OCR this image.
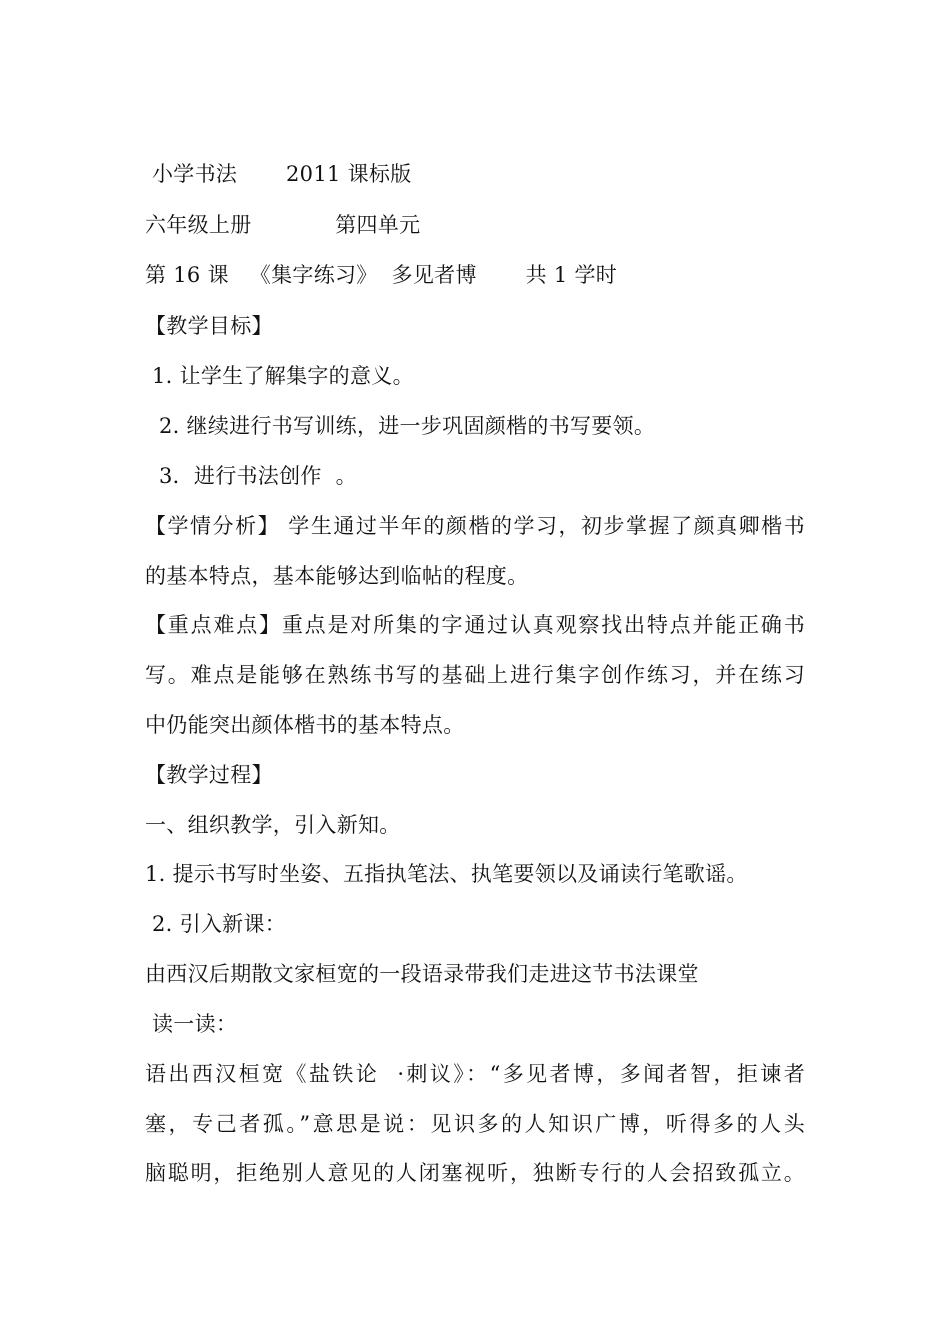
小学书法       2011 课标版
六年级上册            第四单元
第 16 课   《集字练习》  多见者博       共 1 学时
【教学目标】
1. 让学生了解集字的意义。
2. 继续进行书写训练，进一步巩固颜楷的书写要领。
3．进行书法创作  。
【学情分析】 学生通过半年的颜楷的学习，初步掌握了颜真卿楷书
的基本特点，基本能够达到临帖的程度。
【重点难点】重点是对所集的字通过认真观察找出特点并能正确书
写。难点是能够在熟练书写的基础上进行集字创作练习，并在练习
中仍能突出颜体楷书的基本特点。
【教学过程】
一、组织教学，引入新知。
1. 提示书写时坐姿、五指执笔法、执笔要领以及诵读行笔歌谣。
2. 引入新课：
由西汉后期散文家桓宽的一段语录带我们走进这节书法课堂
读一读：
语出西汉桓宽《盐铁论  ·刺议》：“多见者博，多闻者智，拒谏者
塞，专己者孤。”意思是说：见识多的人知识广博，听得多的人头
脑聪明，拒绝别人意见的人闭塞视听，独断专行的人会招致孤立。
